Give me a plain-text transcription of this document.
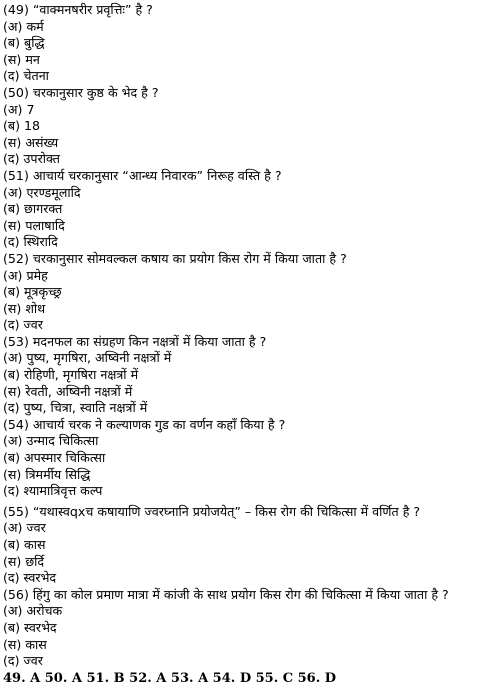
(49) “वाक्मनषरीर प्रवृत्तिः” है ?
(अ) कर्म
(ब) बुद्धि
(स) मन
(द) चेतना
(50) चरकानुसार कुष्ठ के भेद है ?
(अ) 7
(ब) 18
(स) असंख्य
(द) उपरोक्त
(51) आचार्य चरकानुसार “आन्ध्य निवारक” निरूह वस्ति है ?
(अ) एरण्डमूलादि
(ब) छागरक्त
(स) पलाषादि
(द) स्थिरादि
(52) चरकानुसार सोमवल्कल कषाय का प्रयोग किस रोग में किया जाता है ?
(अ) प्रमेह
(ब) मूत्रकृच्छ्र
(स) शोथ
(द) ज्वर
(53) मदनफल का संग्रहण किन नक्षत्रों में किया जाता है ?
(अ) पुष्य, मृगषिरा, अष्विनी नक्षत्रों में
(ब) रोहिणी, मृगषिरा नक्षत्रों में
(स) रेवती, अष्विनी नक्षत्रों में
(द) पुष्य, चित्रा, स्वाति नक्षत्रों में
(54) आचार्य चरक ने कल्याणक गुड का वर्णन कहाँ किया है ?
(अ) उन्माद चिकित्सा
(ब) अपस्मार चिकित्सा
(स) त्रिमर्मीय सिद्धि
(द) श्यामात्रिवृत्त कल्प
(55) “यथास्वqxच कषायाणि ज्वरघ्नानि प्रयोजयेत्” – किस रोग की चिकित्सा में वर्णित है ?
(अ) ज्वर
(ब) कास
(स) छर्दि
(द) स्वरभेद
(56) हिंगु का कोल प्रमाण मात्रा में कांजी के साथ प्रयोग किस रोग की चिकित्सा में किया जाता है ?
(अ) अरोचक
(ब) स्वरभेद
(स) कास
(द) ज्वर
49. A 50. A 51. B 52. A 53. A 54. D 55. C 56. D
